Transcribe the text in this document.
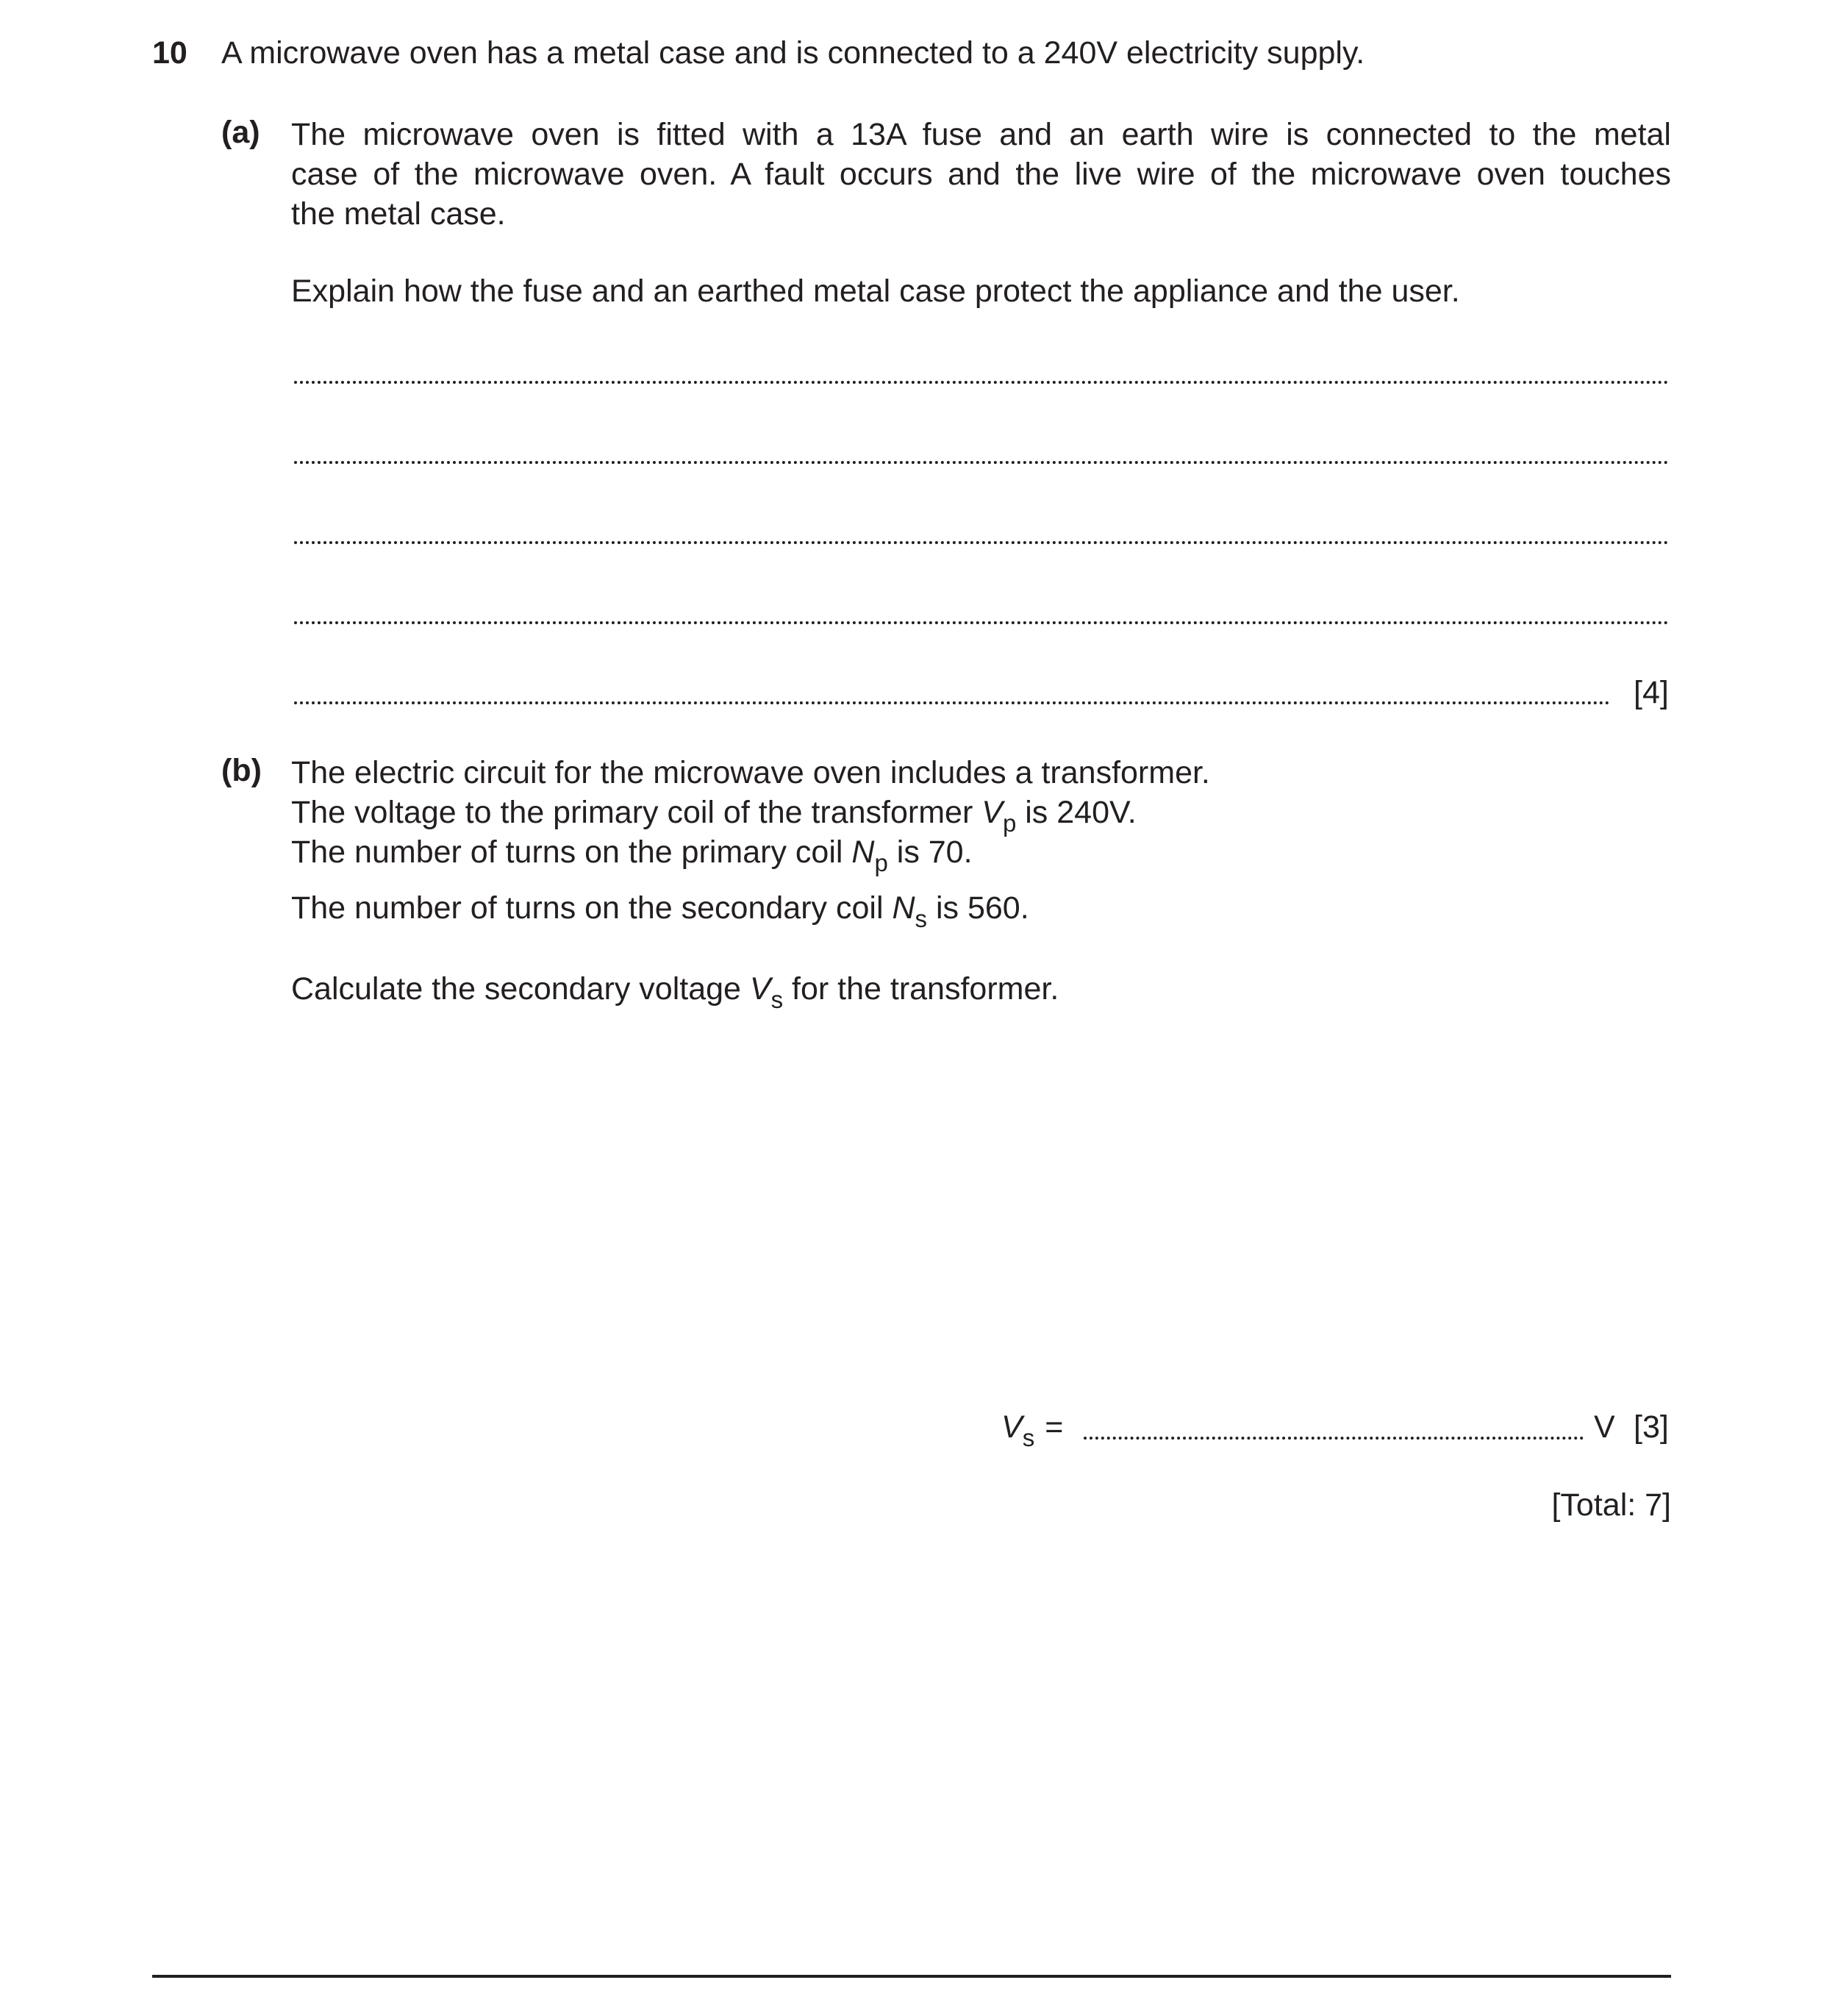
10 A microwave oven has a metal case and is connected to a 240V electricity supply.
(a) The microwave oven is fitted with a 13A fuse and an earth wire is connected to the metal
case of the microwave oven. A fault occurs and the live wire of the microwave oven touches
the metal case.
Explain how the fuse and an earthed metal case protect the appliance and the user.
[4]
(b) The electric circuit for the microwave oven includes a transformer.
The voltage to the primary coil of the transformer $V_p$ is 240V.
The number of turns on the primary coil $N_p$ is 70.
The number of turns on the secondary coil $N_s$ is 560.
Calculate the secondary voltage $V_s$ for the transformer.
$V_s$ =	V [3]
[Total: 7]
